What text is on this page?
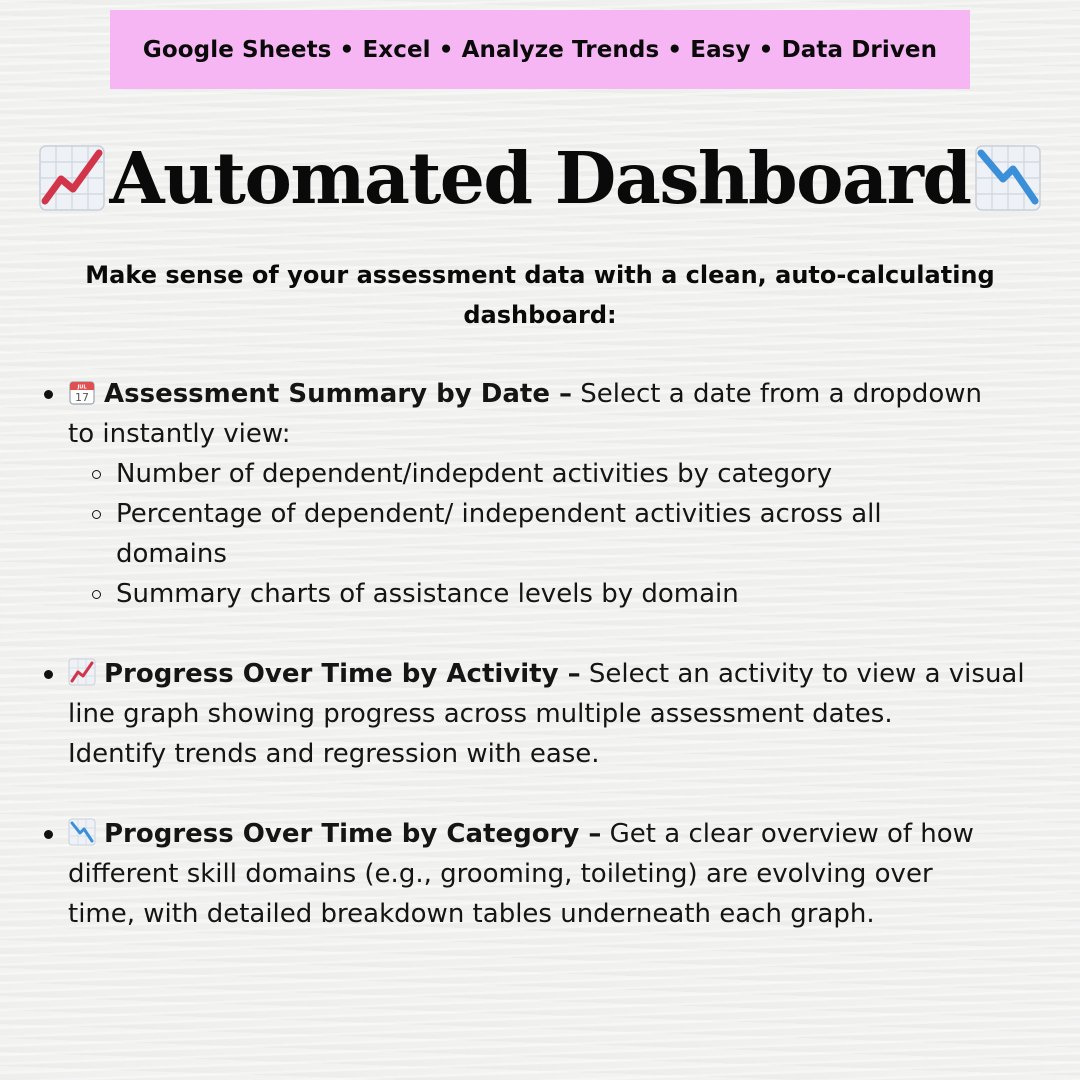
Google Sheets • Excel • Analyze Trends • Easy • Data Driven
Automated Dashboard
Make sense of your assessment data with a clean, auto-calculating dashboard:
JUL
17 Assessment Summary by Date – Select a date from a dropdown
to instantly view:
Number of dependent/indepdent activities by category
Percentage of dependent/ independent activities across all
domains
Summary charts of assistance levels by domain
Progress Over Time by Activity – Select an activity to view a visual
line graph showing progress across multiple assessment dates.
Identify trends and regression with ease.
Progress Over Time by Category – Get a clear overview of how
different skill domains (e.g., grooming, toileting) are evolving over
time, with detailed breakdown tables underneath each graph.
